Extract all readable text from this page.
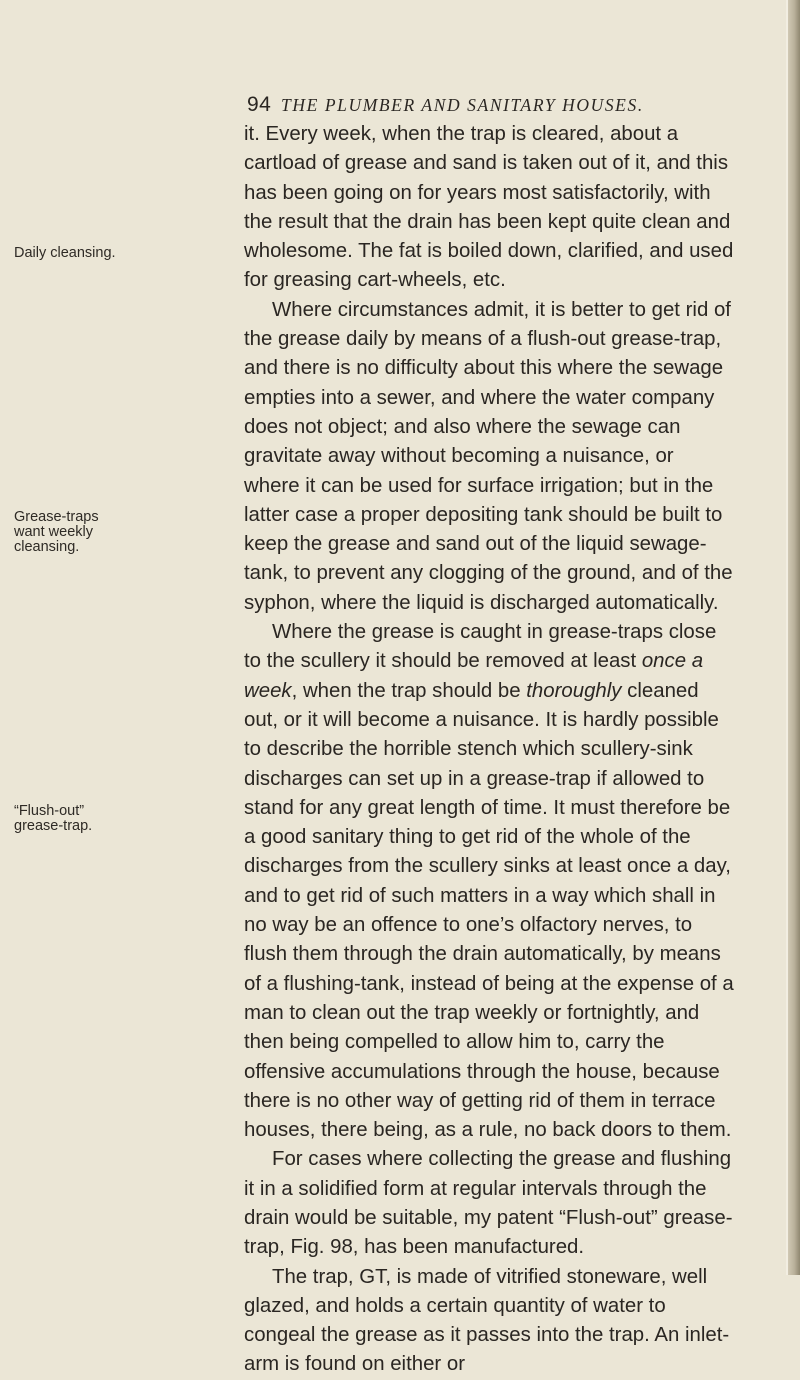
94 THE PLUMBER AND SANITARY HOUSES.
Daily cleansing.
Grease-traps want weekly cleansing.
“Flush-out” grease-trap.

it. Every week, when the trap is cleared, about a cartload of grease and sand is taken out of it, and this has been going on for years most satisfactorily, with the result that the drain has been kept quite clean and wholesome. The fat is boiled down, clarified, and used for greasing cart-wheels, etc.

Where circumstances admit, it is better to get rid of the grease daily by means of a flush-out grease-trap, and there is no difficulty about this where the sewage empties into a sewer, and where the water company does not object; and also where the sewage can gravitate away without becoming a nuisance, or where it can be used for surface irrigation; but in the latter case a proper depositing tank should be built to keep the grease and sand out of the liquid sewage-tank, to prevent any clogging of the ground, and of the syphon, where the liquid is discharged automatically.

Where the grease is caught in grease-traps close to the scullery it should be removed at least once a week, when the trap should be thoroughly cleaned out, or it will become a nuisance. It is hardly possible to describe the horrible stench which scullery-sink discharges can set up in a grease-trap if allowed to stand for any great length of time. It must therefore be a good sanitary thing to get rid of the whole of the discharges from the scullery sinks at least once a day, and to get rid of such matters in a way which shall in no way be an offence to one’s olfactory nerves, to flush them through the drain automatically, by means of a flushing-tank, instead of being at the expense of a man to clean out the trap weekly or fortnightly, and then being compelled to allow him to, carry the offensive accumulations through the house, because there is no other way of getting rid of them in terrace houses, there being, as a rule, no back doors to them.

For cases where collecting the grease and flushing it in a solidified form at regular intervals through the drain would be suitable, my patent “Flush-out” grease-trap, Fig. 98, has been manufactured.

The trap, GT, is made of vitrified stoneware, well glazed, and holds a certain quantity of water to congeal the grease as it passes into the trap. An inlet-arm is found on either or
